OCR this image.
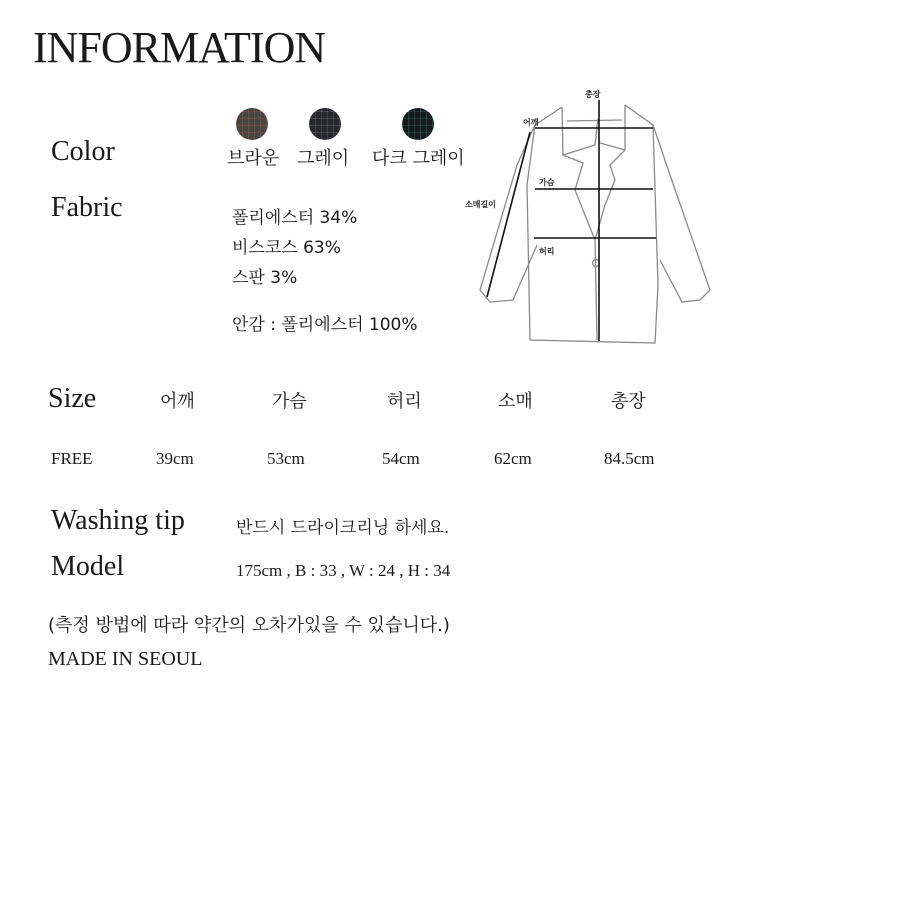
INFORMATION
Color	브라운 그레이 다크 그레이
Fabric	폴리에스터 34%
비스코스 63%
스판 3%
안감 : 폴리에스터 100%
총장
어깨
가슴
소매길이
허리
Size	어깨	가슴	허리	소매	총장
FREE	39cm	53cm	54cm	62cm	84.5cm
Washing tip	반드시 드라이크리닝 하세요.
Model	175cm , B : 33 , W : 24 , H : 34
(측정 방법에 따라 약간의 오차가있을 수 있습니다.)
MADE IN SEOUL
